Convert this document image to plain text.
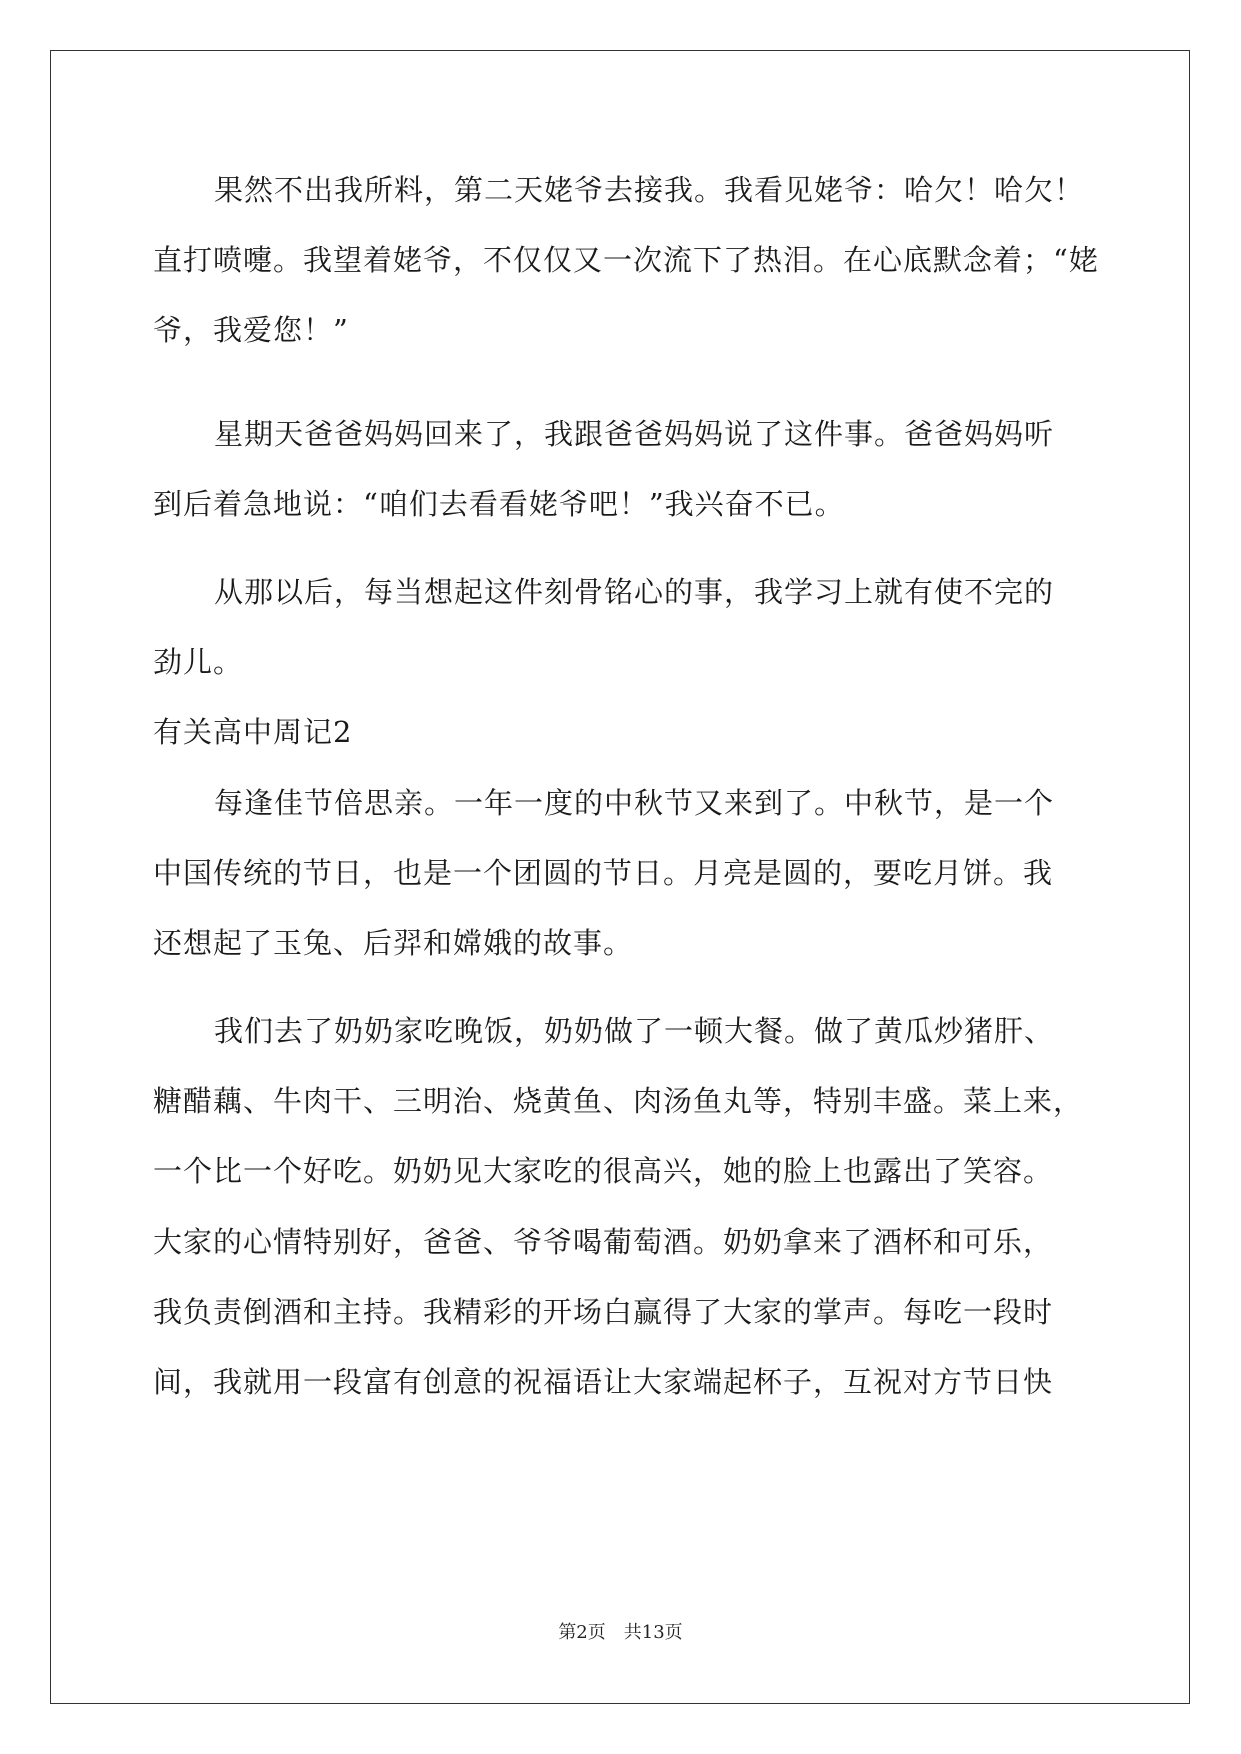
果然不出我所料，第二天姥爷去接我。我看见姥爷：哈欠！哈欠！
直打喷嚏。我望着姥爷，不仅仅又一次流下了热泪。在心底默念着；“姥
爷，我爱您！”
星期天爸爸妈妈回来了，我跟爸爸妈妈说了这件事。爸爸妈妈听
到后着急地说：“咱们去看看姥爷吧！”我兴奋不已。
从那以后，每当想起这件刻骨铭心的事，我学习上就有使不完的
劲儿。
有关高中周记2
每逢佳节倍思亲。一年一度的中秋节又来到了。中秋节，是一个
中国传统的节日，也是一个团圆的节日。月亮是圆的，要吃月饼。我
还想起了玉兔、后羿和嫦娥的故事。
我们去了奶奶家吃晚饭，奶奶做了一顿大餐。做了黄瓜炒猪肝、
糖醋藕、牛肉干、三明治、烧黄鱼、肉汤鱼丸等，特别丰盛。菜上来，
一个比一个好吃。奶奶见大家吃的很高兴，她的脸上也露出了笑容。
大家的心情特别好，爸爸、爷爷喝葡萄酒。奶奶拿来了酒杯和可乐，
我负责倒酒和主持。我精彩的开场白赢得了大家的掌声。每吃一段时
间，我就用一段富有创意的祝福语让大家端起杯子，互祝对方节日快
第2页 共13页
